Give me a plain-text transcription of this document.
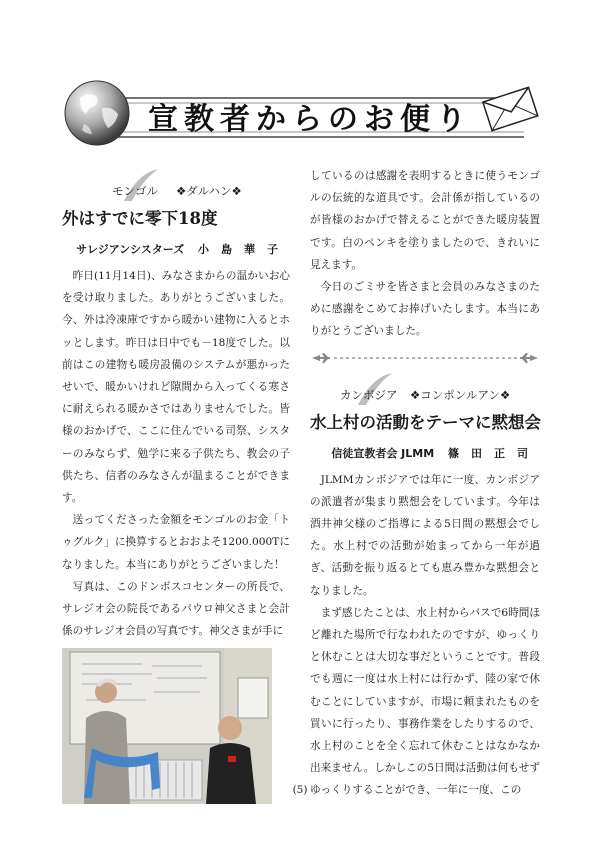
宣教者からのお便り
モンゴル ❖ダルハン❖
外はすでに零下18度
サレジアンシスターズ 小島華子

昨日(11月14日)、みなさまからの温かいお心を受け取りました。ありがとうございました。今、外は冷凍庫ですから暖かい建物に入るとホッとします。昨日は日中でも－18度でした。以前はこの建物も暖房設備のシステムが悪かったせいで、暖かいけれど隙間から入ってくる寒さに耐えられる暖かさではありませんでした。皆様のおかげで、ここに住んでいる司祭、シスターのみならず、勉学に来る子供たち、教会の子供たち、信者のみなさんが温まることができます。

送ってくださった金額をモンゴルのお金「トゥグルク」に換算するとおおよそ1200.000Tになりました。本当にありがとうございました！

写真は、このドンボスコセンターの所長で、サレジオ会の院長であるパウロ神父さまと会計係のサレジオ会員の写真です。神父さまが手に

しているのは感謝を表明するときに使うモンゴルの伝統的な道具です。会計係が指しているのが皆様のおかげで替えることができた暖房装置です。白のペンキを塗りましたので、きれいに見えます。

今日のごミサを皆さまと会員のみなさまのために感謝をこめてお捧げいたします。本当にありがとうございました。

カンボジア ❖コンポンルアン❖
水上村の活動をテーマに黙想会
信徒宣教者会 JLMM 篠田正司

JLMMカンボジアでは年に一度、カンボジアの派遣者が集まり黙想会をしています。今年は酒井神父様のご指導による5日間の黙想会でした。水上村での活動が始まってから一年が過ぎ、活動を振り返るとても恵み豊かな黙想会となりました。

まず感じたことは、水上村からバスで6時間ほど離れた場所で行なわれたのですが、ゆっくりと休むことは大切な事だということです。普段でも週に一度は水上村には行かず、陸の家で休むことにしていますが、市場に頼まれたものを買いに行ったり、事務作業をしたりするので、水上村のことを全く忘れて休むことはなかなか出来ません。しかしこの5日間は活動は何もせずゆっくりすることができ、一年に一度、この

(5)
